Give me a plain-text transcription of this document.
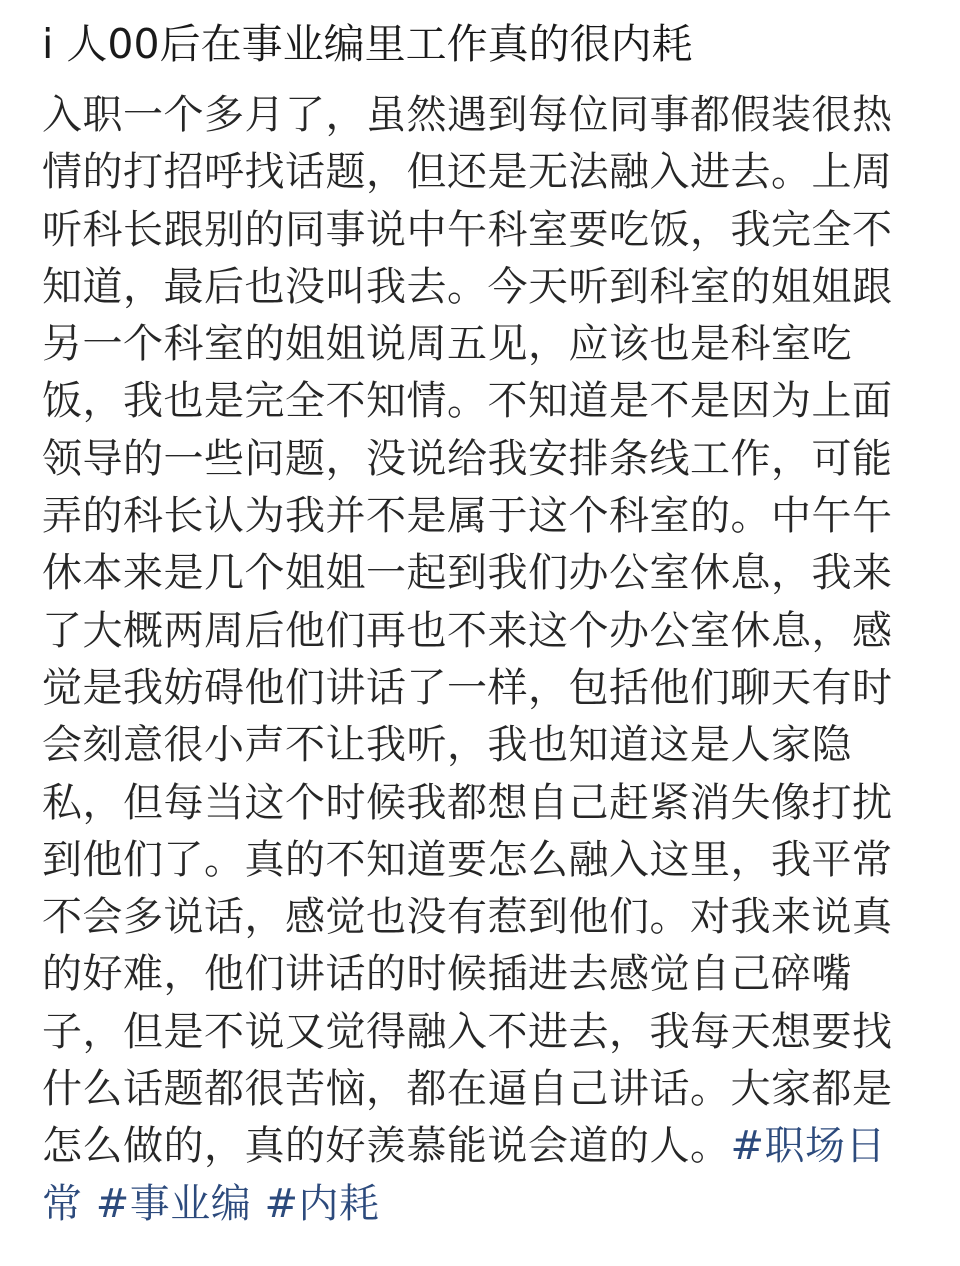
i 人00后在事业编里工作真的很内耗
入职一个多月了，虽然遇到每位同事都假装很热
情的打招呼找话题，但还是无法融入进去。上周
听科长跟别的同事说中午科室要吃饭，我完全不
知道，最后也没叫我去。今天听到科室的姐姐跟
另一个科室的姐姐说周五见，应该也是科室吃
饭，我也是完全不知情。不知道是不是因为上面
领导的一些问题，没说给我安排条线工作，可能
弄的科长认为我并不是属于这个科室的。中午午
休本来是几个姐姐一起到我们办公室休息，我来
了大概两周后他们再也不来这个办公室休息，感
觉是我妨碍他们讲话了一样，包括他们聊天有时
会刻意很小声不让我听，我也知道这是人家隐
私，但每当这个时候我都想自己赶紧消失像打扰
到他们了。真的不知道要怎么融入这里，我平常
不会多说话，感觉也没有惹到他们。对我来说真
的好难，他们讲话的时候插进去感觉自己碎嘴
子，但是不说又觉得融入不进去，我每天想要找
什么话题都很苦恼，都在逼自己讲话。大家都是
怎么做的，真的好羡慕能说会道的人。#职场日
常 #事业编 #内耗
